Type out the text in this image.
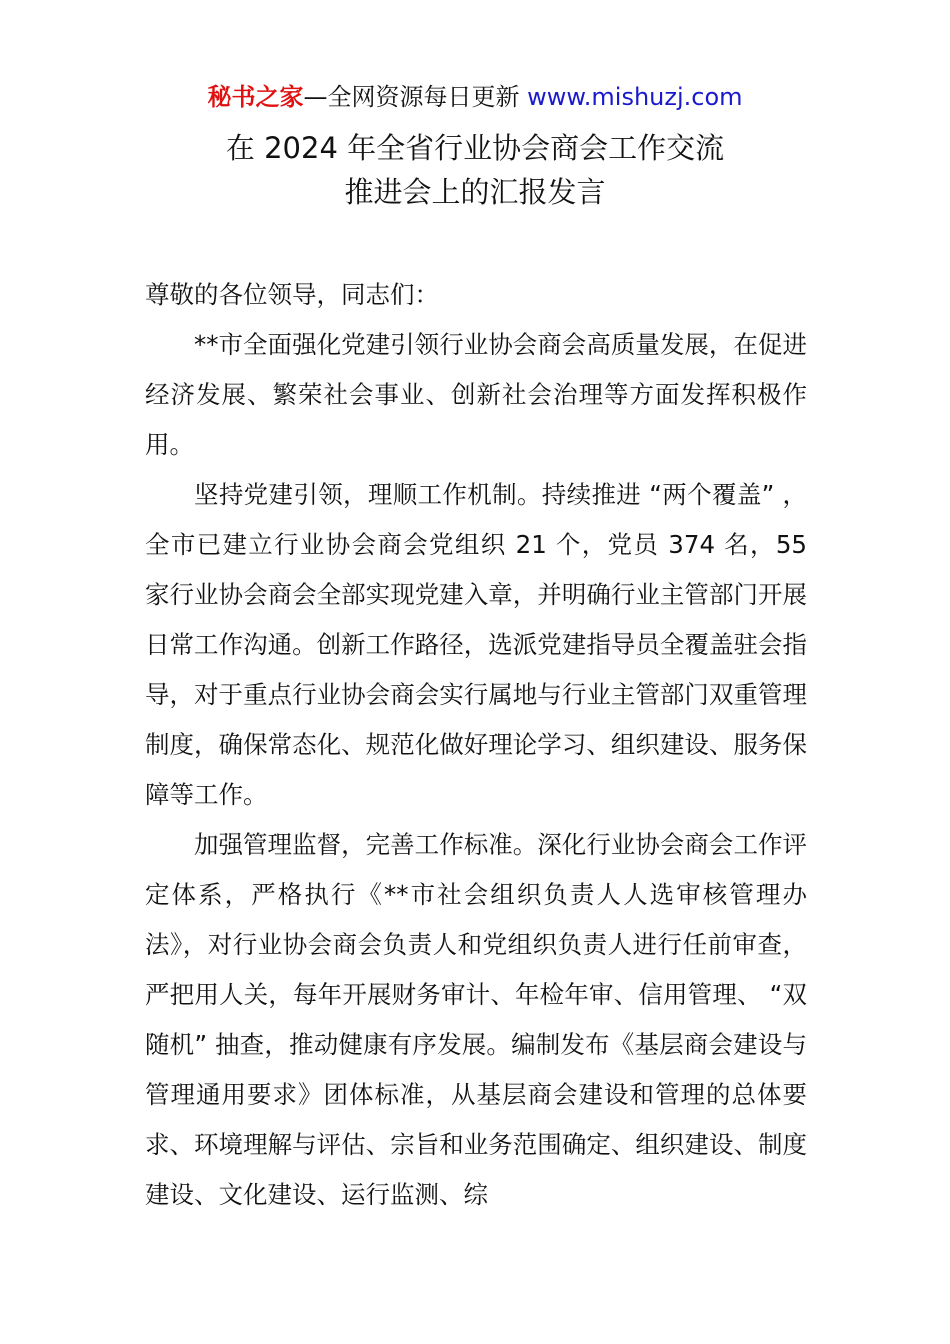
秘书之家—全网资源每日更新 www.mishuzj.com
在 2024 年全省行业协会商会工作交流
推进会上的汇报发言

尊敬的各位领导，同志们：

**市全面强化党建引领行业协会商会高质量发展，在促进经济发展、繁荣社会事业、创新社会治理等方面发挥积极作用。

坚持党建引领，理顺工作机制。持续推进 “两个覆盖” ，全市已建立行业协会商会党组织 21 个，党员 374 名，55 家行业协会商会全部实现党建入章，并明确行业主管部门开展日常工作沟通。创新工作路径，选派党建指导员全覆盖驻会指导，对于重点行业协会商会实行属地与行业主管部门双重管理制度，确保常态化、规范化做好理论学习、组织建设、服务保障等工作。

加强管理监督，完善工作标准。深化行业协会商会工作评定体系，严格执行《**市社会组织负责人人选审核管理办法》，对行业协会商会负责人和党组织负责人进行任前审查，严把用人关，每年开展财务审计、年检年审、信用管理、 “双随机” 抽查，推动健康有序发展。编制发布《基层商会建设与管理通用要求》团体标准，从基层商会建设和管理的总体要求、环境理解与评估、宗旨和业务范围确定、组织建设、制度建设、文化建设、运行监测、综
